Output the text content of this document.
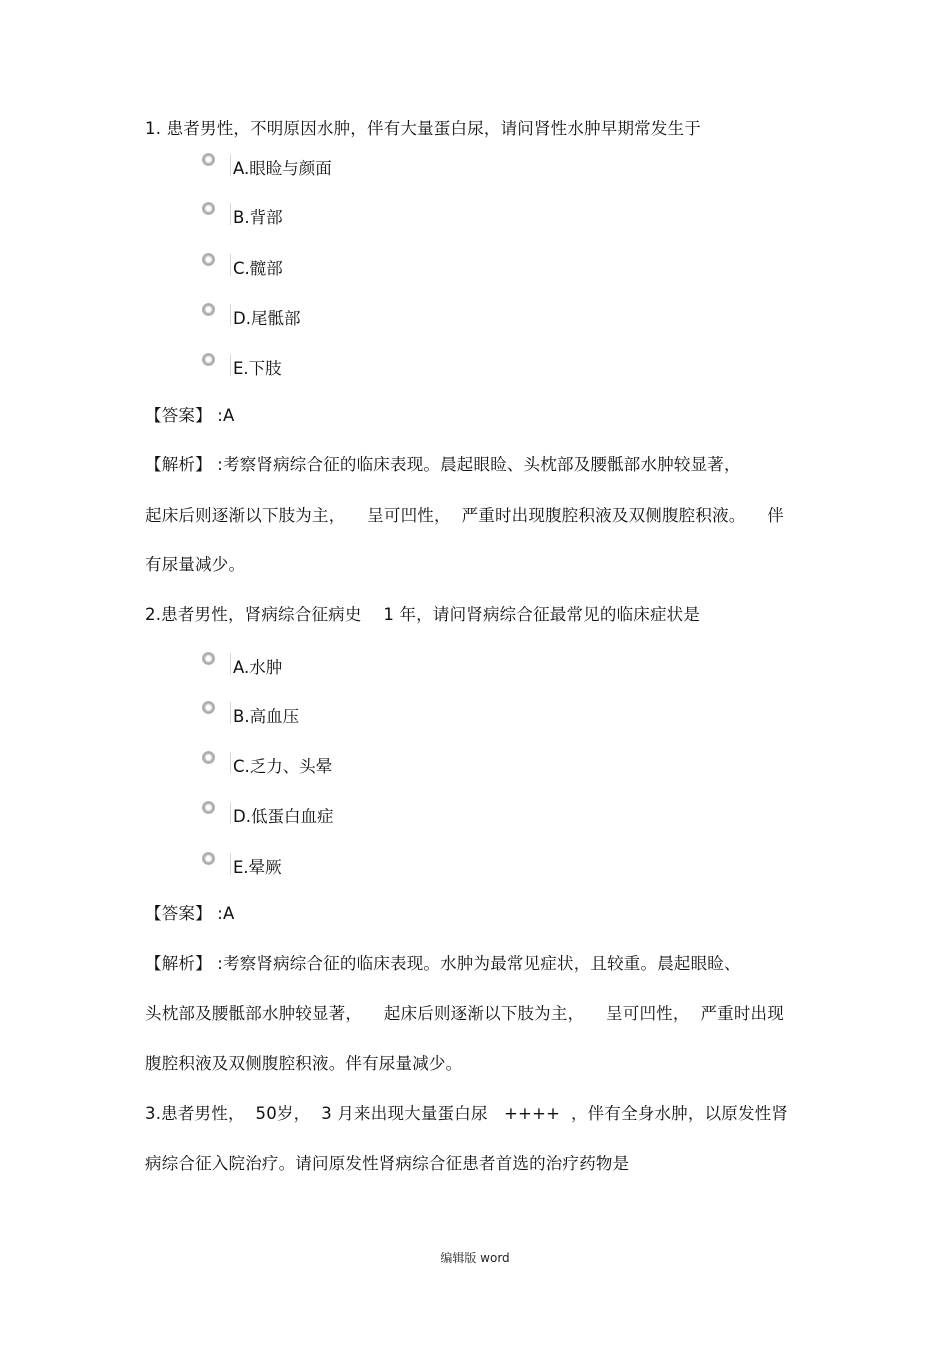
1. 患者男性，不明原因水肿，伴有大量蛋白尿，请问肾性水肿早期常发生于
A.眼睑与颜面
B.背部
C.髋部
D.尾骶部
E.下肢
【答案】 :A
【解析】 :考察肾病综合征的临床表现。晨起眼睑、头枕部及腰骶部水肿较显著，
起床后则逐渐以下肢为主，    呈可凹性，  严重时出现腹腔积液及双侧腹腔积液。    伴
有尿量减少。
2.患者男性，肾病综合征病史    1 年，请问肾病综合征最常见的临床症状是
A.水肿
B.高血压
C.乏力、头晕
D.低蛋白血症
E.晕厥
【答案】 :A
【解析】 :考察肾病综合征的临床表现。水肿为最常见症状，且较重。晨起眼睑、
头枕部及腰骶部水肿较显著，    起床后则逐渐以下肢为主，    呈可凹性，  严重时出现
腹腔积液及双侧腹腔积液。伴有尿量减少。
3.患者男性，  50岁，  3 月来出现大量蛋白尿   ++++  ，伴有全身水肿，以原发性肾
病综合征入院治疗。请问原发性肾病综合征患者首选的治疗药物是
编辑版 word
